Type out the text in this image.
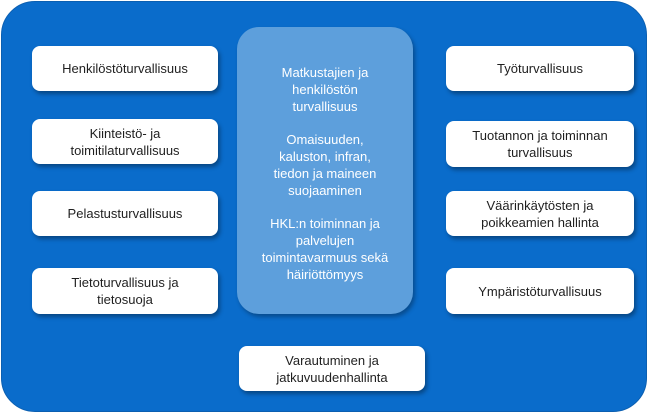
Matkustajien ja
henkilöstön
turvallisuus
Omaisuuden,
kaluston, infran,
tiedon ja maineen
suojaaminen
HKL:n toiminnan ja
palvelujen
toimintavarmuus sekä
häiriöttömyys
Henkilöstöturvallisuus
Kiinteistö- ja
toimitilaturvallisuus
Pelastusturvallisuus
Tietoturvallisuus ja
tietosuoja
Työturvallisuus
Tuotannon ja toiminnan
turvallisuus
Väärinkäytösten ja
poikkeamien hallinta
Ympäristöturvallisuus
Varautuminen ja
jatkuvuudenhallinta
